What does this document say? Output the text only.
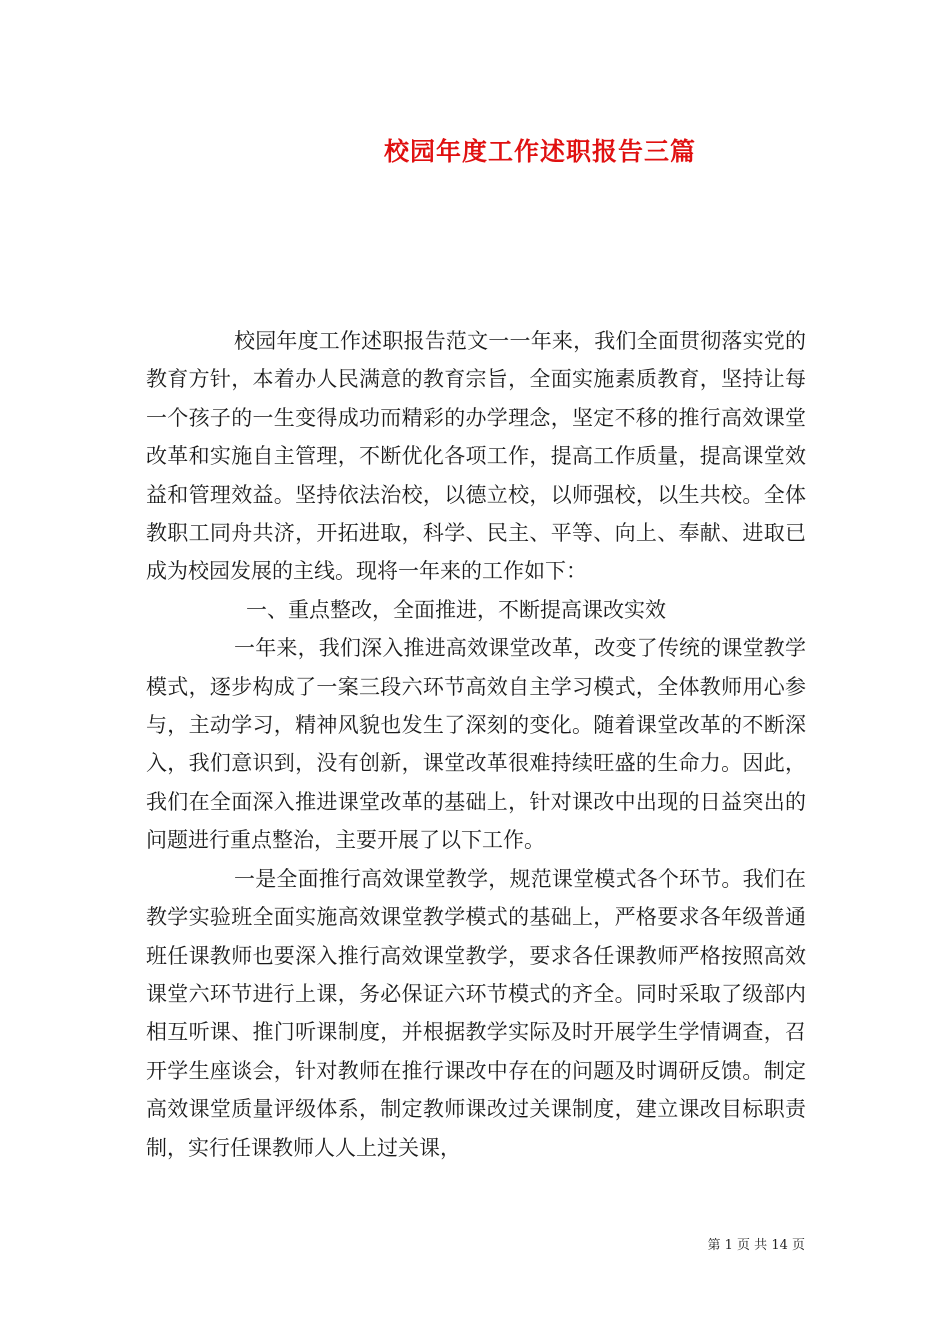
校园年度工作述职报告三篇

校园年度工作述职报告范文一一年来，我们全面贯彻落实党的教育方针，本着办人民满意的教育宗旨，全面实施素质教育，坚持让每一个孩子的一生变得成功而精彩的办学理念，坚定不移的推行高效课堂改革和实施自主管理，不断优化各项工作，提高工作质量，提高课堂效益和管理效益。坚持依法治校，以德立校，以师强校，以生共校。全体教职工同舟共济，开拓进取，科学、民主、平等、向上、奉献、进取已成为校园发展的主线。现将一年来的工作如下：

一、重点整改，全面推进，不断提高课改实效

一年来，我们深入推进高效课堂改革，改变了传统的课堂教学模式，逐步构成了一案三段六环节高效自主学习模式，全体教师用心参与，主动学习，精神风貌也发生了深刻的变化。随着课堂改革的不断深入，我们意识到，没有创新，课堂改革很难持续旺盛的生命力。因此，我们在全面深入推进课堂改革的基础上，针对课改中出现的日益突出的问题进行重点整治，主要开展了以下工作。

一是全面推行高效课堂教学，规范课堂模式各个环节。我们在教学实验班全面实施高效课堂教学模式的基础上，严格要求各年级普通班任课教师也要深入推行高效课堂教学，要求各任课教师严格按照高效课堂六环节进行上课，务必保证六环节模式的齐全。同时采取了级部内相互听课、推门听课制度，并根据教学实际及时开展学生学情调查，召开学生座谈会，针对教师在推行课改中存在的问题及时调研反馈。制定高效课堂质量评级体系，制定教师课改过关课制度，建立课改目标职责制，实行任课教师人人上过关课，

第 1 页 共 14 页
